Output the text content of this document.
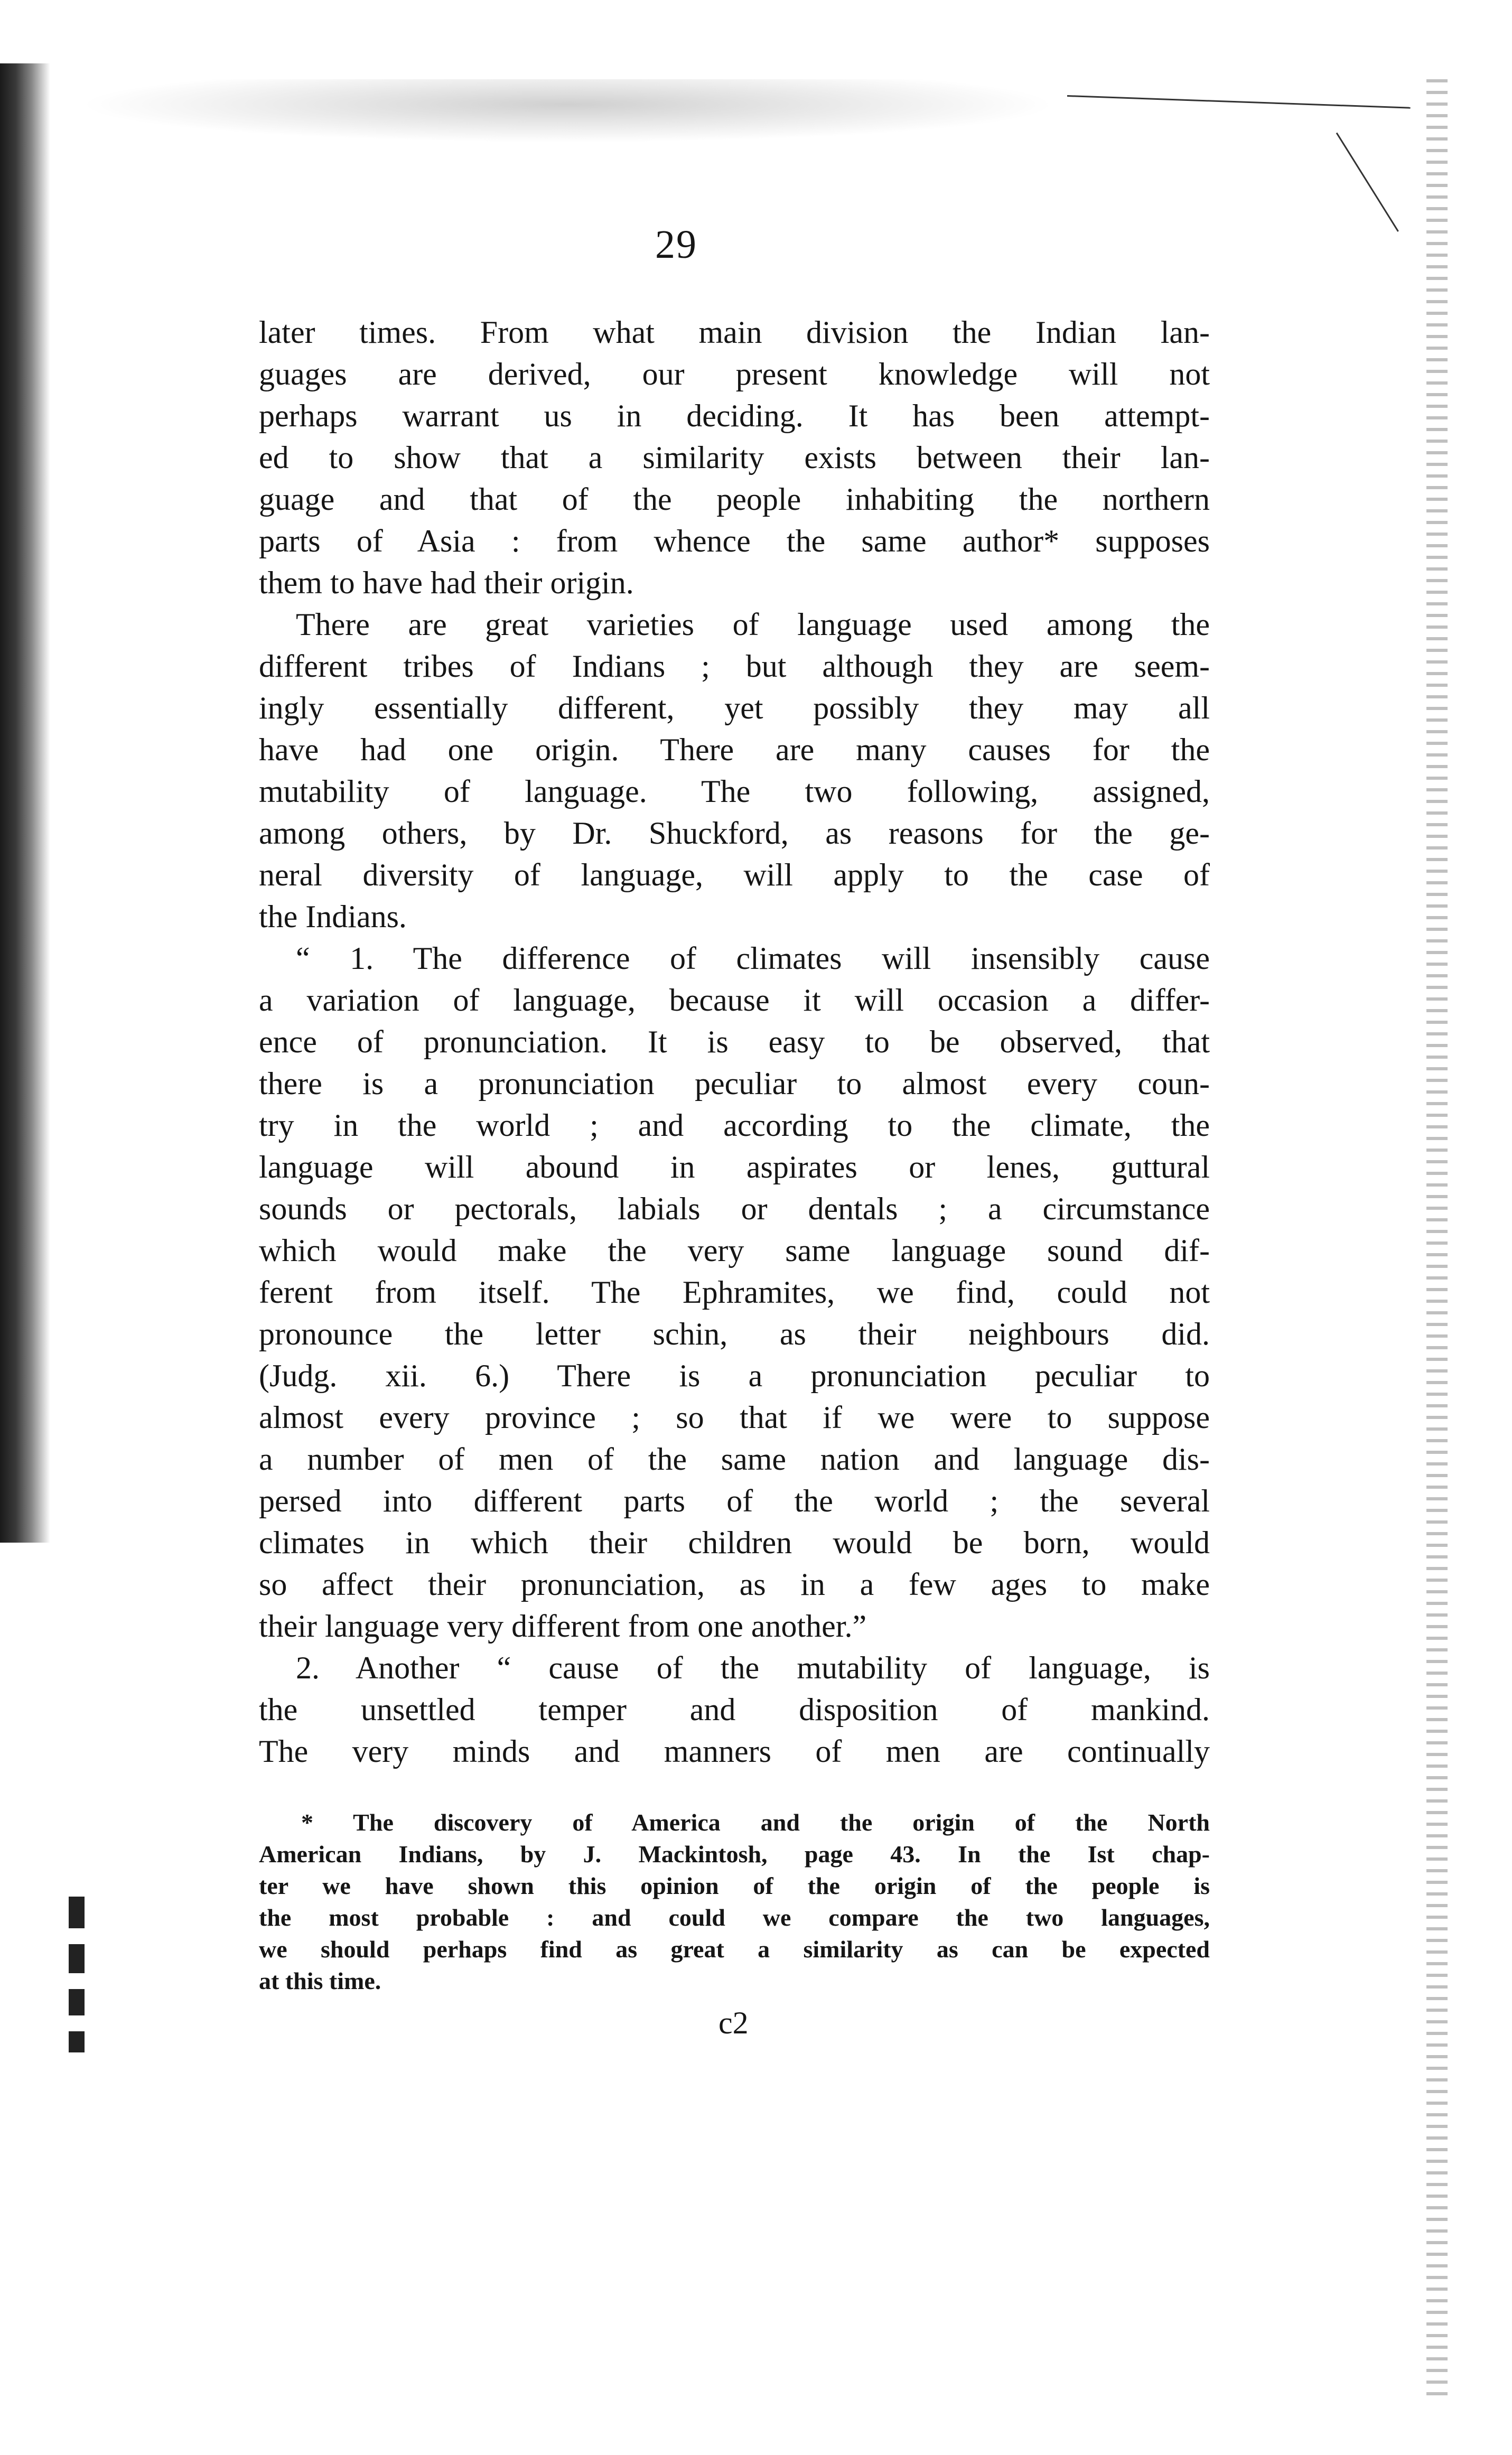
29
later times. From what main division the Indian lan-
guages are derived, our present knowledge will not
perhaps warrant us in deciding. It has been attempt-
ed to show that a similarity exists between their lan-
guage and that of the people inhabiting the northern
parts of Asia : from whence the same author* supposes
them to have had their origin.
There are great varieties of language used among the
different tribes of Indians ; but although they are seem-
ingly essentially different, yet possibly they may all
have had one origin. There are many causes for the
mutability of language. The two following, assigned,
among others, by Dr. Shuckford, as reasons for the ge-
neral diversity of language, will apply to the case of
the Indians.
“ 1. The difference of climates will insensibly cause
a variation of language, because it will occasion a differ-
ence of pronunciation. It is easy to be observed, that
there is a pronunciation peculiar to almost every coun-
try in the world ; and according to the climate, the
language will abound in aspirates or lenes, guttural
sounds or pectorals, labials or dentals ; a circumstance
which would make the very same language sound dif-
ferent from itself. The Ephramites, we find, could not
pronounce the letter schin, as their neighbours did.
(Judg. xii. 6.) There is a pronunciation peculiar to
almost every province ; so that if we were to suppose
a number of men of the same nation and language dis-
persed into different parts of the world ; the several
climates in which their children would be born, would
so affect their pronunciation, as in a few ages to make
their language very different from one another.”
2. Another “ cause of the mutability of language, is
the unsettled temper and disposition of mankind.
The very minds and manners of men are continually
* The discovery of America and the origin of the North
American Indians, by J. Mackintosh, page 43. In the Ist chap-
ter we have shown this opinion of the origin of the people is
the most probable : and could we compare the two languages,
we should perhaps find as great a similarity as can be expected
at this time.
c2
